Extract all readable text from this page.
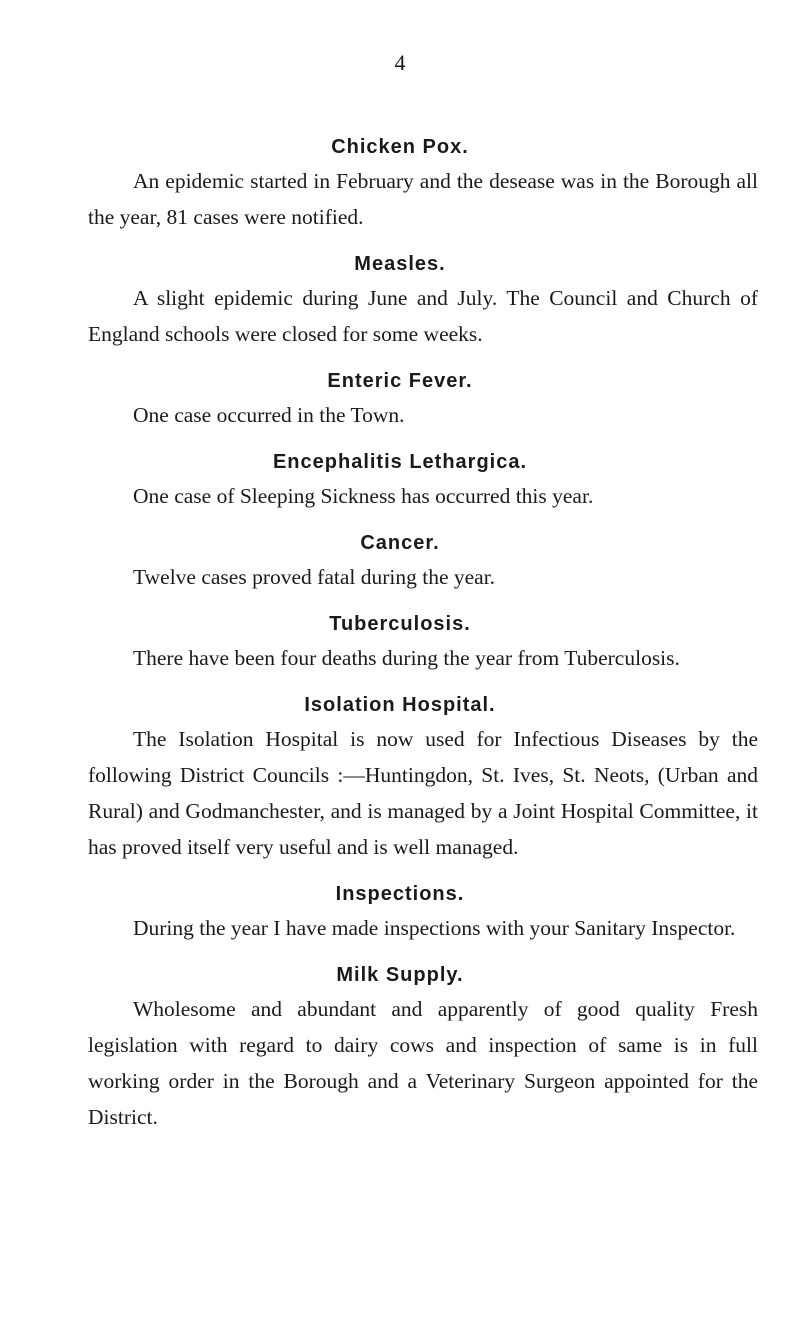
4
Chicken Pox.

An epidemic started in February and the desease was in the Borough all the year, 81 cases were notified.

Measles.

A slight epidemic during June and July. The Council and Church of England schools were closed for some weeks.

Enteric Fever.

One case occurred in the Town.

Encephalitis Lethargica.

One case of Sleeping Sickness has occurred this year.

Cancer.

Twelve cases proved fatal during the year.

Tuberculosis.

There have been four deaths during the year from Tuberculosis.

Isolation Hospital.

The Isolation Hospital is now used for Infectious Diseases by the following District Councils :—Huntingdon, St. Ives, St. Neots, (Urban and Rural) and Godmanchester, and is managed by a Joint Hospital Committee, it has proved itself very useful and is well managed.

Inspections.

During the year I have made inspections with your Sanitary Inspector.

Milk Supply.

Wholesome and abundant and apparently of good quality Fresh legislation with regard to dairy cows and inspection of same is in full working order in the Borough and a Veterinary Surgeon appointed for the District.
